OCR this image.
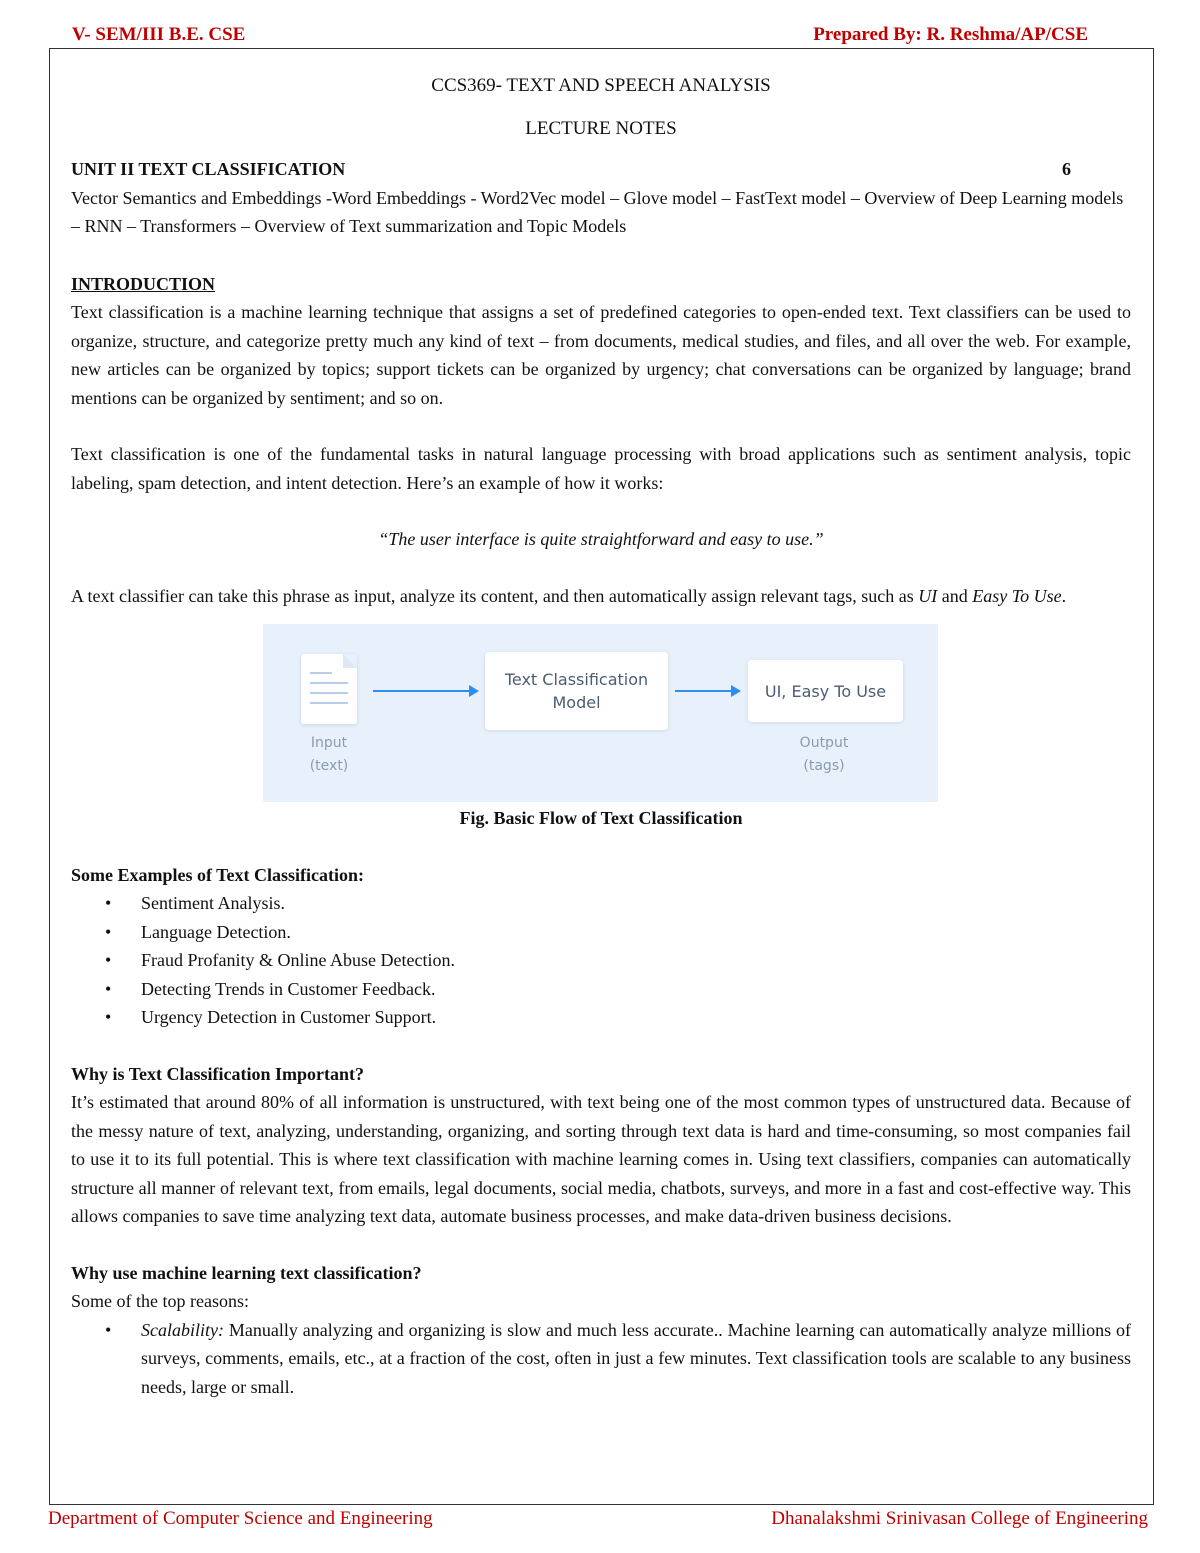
V- SEM/III B.E. CSE	Prepared By: R. Reshma/AP/CSE
CCS369- TEXT AND SPEECH ANALYSIS
LECTURE NOTES
UNIT II TEXT CLASSIFICATION	6

Vector Semantics and Embeddings -Word Embeddings - Word2Vec model – Glove model – FastText model – Overview of Deep Learning models – RNN – Transformers – Overview of Text summarization and Topic Models

INTRODUCTION

Text classification is a machine learning technique that assigns a set of predefined categories to open-ended text. Text classifiers can be used to organize, structure, and categorize pretty much any kind of text – from documents, medical studies, and files, and all over the web. For example, new articles can be organized by topics; support tickets can be organized by urgency; chat conversations can be organized by language; brand mentions can be organized by sentiment; and so on.

Text classification is one of the fundamental tasks in natural language processing with broad applications such as sentiment analysis, topic labeling, spam detection, and intent detection. Here’s an example of how it works:

“The user interface is quite straightforward and easy to use.”

A text classifier can take this phrase as input, analyze its content, and then automatically assign relevant tags, such as UI and Easy To Use.

Input
(text)
Text Classification
Model
UI, Easy To Use
Output
(tags)
Fig. Basic Flow of Text Classification
Some Examples of Text Classification:
• Sentiment Analysis.
• Language Detection.
• Fraud Profanity & Online Abuse Detection.
• Detecting Trends in Customer Feedback.
• Urgency Detection in Customer Support.
Why is Text Classification Important?

It’s estimated that around 80% of all information is unstructured, with text being one of the most common types of unstructured data. Because of the messy nature of text, analyzing, understanding, organizing, and sorting through text data is hard and time-consuming, so most companies fail to use it to its full potential. This is where text classification with machine learning comes in. Using text classifiers, companies can automatically structure all manner of relevant text, from emails, legal documents, social media, chatbots, surveys, and more in a fast and cost-effective way. This allows companies to save time analyzing text data, automate business processes, and make data-driven business decisions.

Why use machine learning text classification?
Some of the top reasons:
• Scalability: Manually analyzing and organizing is slow and much less accurate.. Machine learning can automatically analyze millions of surveys, comments, emails, etc., at a fraction of the cost, often in just a few minutes. Text classification tools are scalable to any business needs, large or small.
Department of Computer Science and Engineering	Dhanalakshmi Srinivasan College of Engineering
